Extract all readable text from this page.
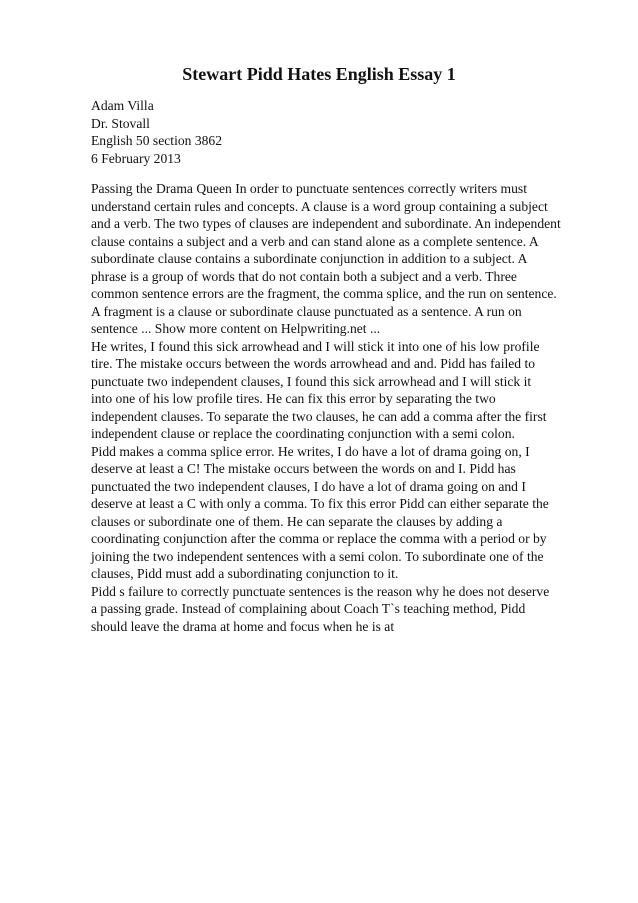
Stewart Pidd Hates English Essay 1
Adam Villa
Dr. Stovall
English 50 section 3862
6 February 2013
Passing the Drama Queen In order to punctuate sentences correctly writers must
understand certain rules and concepts. A clause is a word group containing a subject
and a verb. The two types of clauses are independent and subordinate. An independent
clause contains a subject and a verb and can stand alone as a complete sentence. A
subordinate clause contains a subordinate conjunction in addition to a subject. A
phrase is a group of words that do not contain both a subject and a verb. Three
common sentence errors are the fragment, the comma splice, and the run on sentence.
A fragment is a clause or subordinate clause punctuated as a sentence. A run on
sentence ... Show more content on Helpwriting.net ...
He writes, I found this sick arrowhead and I will stick it into one of his low profile
tire. The mistake occurs between the words arrowhead and and. Pidd has failed to
punctuate two independent clauses, I found this sick arrowhead and I will stick it
into one of his low profile tires. He can fix this error by separating the two
independent clauses. To separate the two clauses, he can add a comma after the first
independent clause or replace the coordinating conjunction with a semi colon.
Pidd makes a comma splice error. He writes, I do have a lot of drama going on, I
deserve at least a C! The mistake occurs between the words on and I. Pidd has
punctuated the two independent clauses, I do have a lot of drama going on and I
deserve at least a C with only a comma. To fix this error Pidd can either separate the
clauses or subordinate one of them. He can separate the clauses by adding a
coordinating conjunction after the comma or replace the comma with a period or by
joining the two independent sentences with a semi colon. To subordinate one of the
clauses, Pidd must add a subordinating conjunction to it.
Pidd s failure to correctly punctuate sentences is the reason why he does not deserve
a passing grade. Instead of complaining about Coach T`s teaching method, Pidd
should leave the drama at home and focus when he is at
